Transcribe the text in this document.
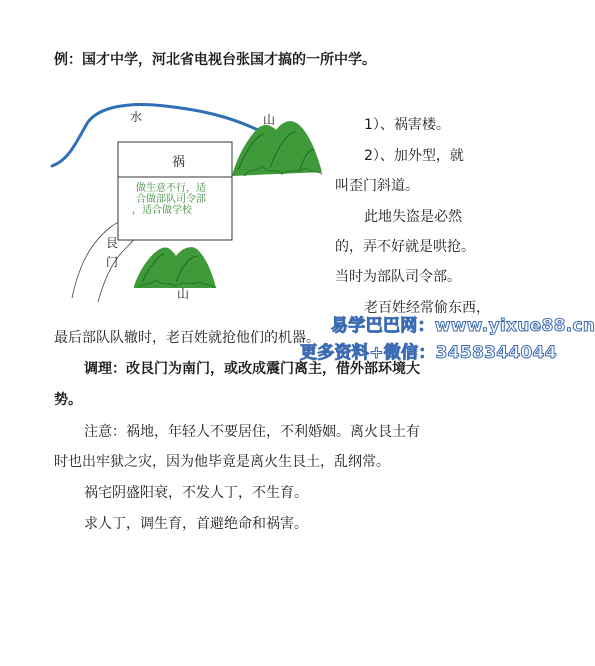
例：国才中学，河北省电视台张国才搞的一所中学。
水	山
祸
做生意不行，适
合做部队司令部
，适合做学校
艮
门
山
1）、祸害楼。
2）、加外型，就
叫歪门斜道。
此地失盗是必然
的，弄不好就是哄抢。
当时为部队司令部。
老百姓经常偷东西，
最后部队队辙时，老百姓就抢他们的机器。
调理：改艮门为南门，或改成震门离主，借外部环境大
势。
注意：祸地，年轻人不要居住，不利婚姻。离火艮土有
时也出牢狱之灾，因为他毕竟是离火生艮土，乱纲常。
祸宅阴盛阳衰，不发人丁，不生育。
求人丁，调生育，首避绝命和祸害。
易学巴巴网：www.yixue88.cn
更多资料+微信：3458344044
